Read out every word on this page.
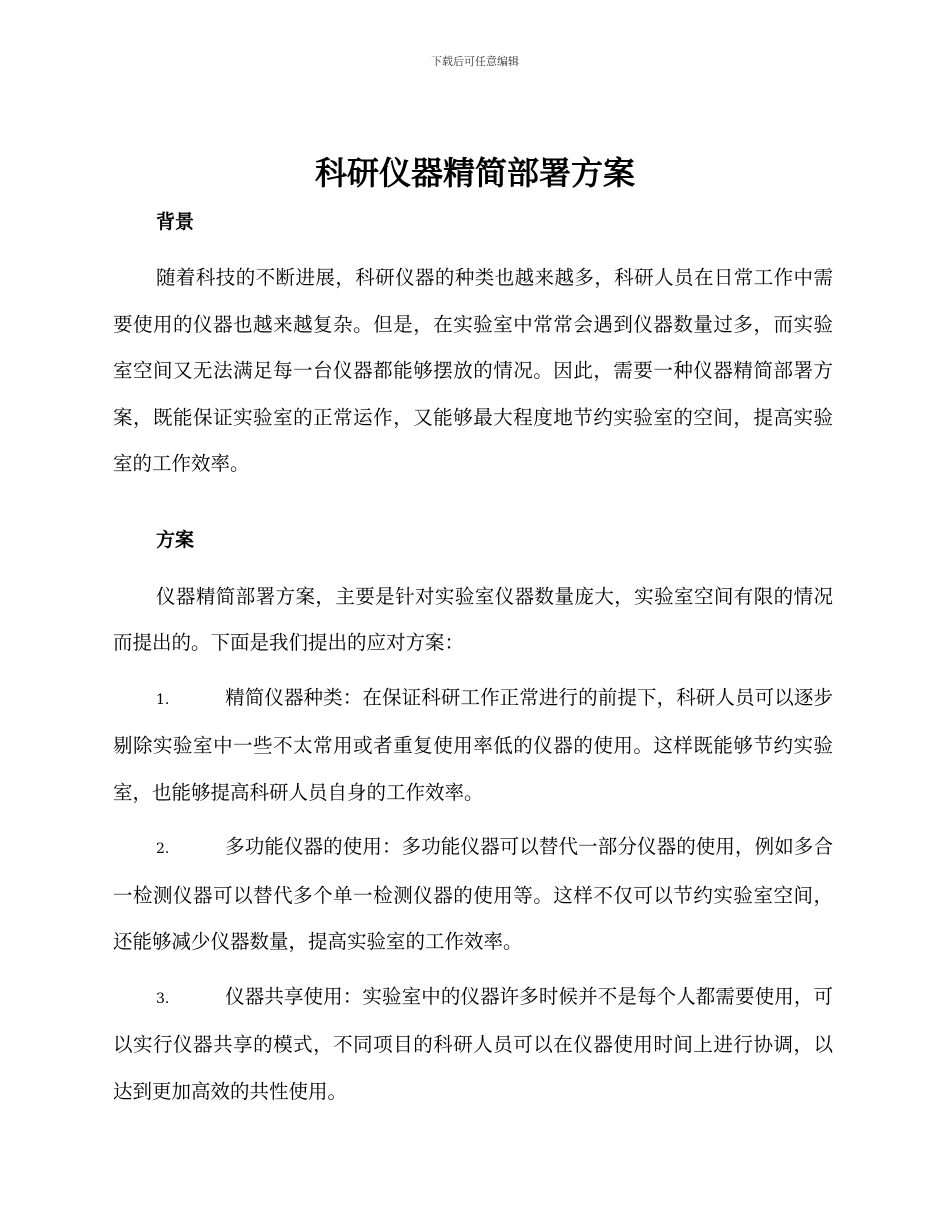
下载后可任意编辑
科研仪器精简部署方案
背景

随着科技的不断进展，科研仪器的种类也越来越多，科研人员在日常工作中需要使用的仪器也越来越复杂。但是，在实验室中常常会遇到仪器数量过多，而实验室空间又无法满足每一台仪器都能够摆放的情况。因此，需要一种仪器精简部署方案，既能保证实验室的正常运作，又能够最大程度地节约实验室的空间，提高实验室的工作效率。

方案

仪器精简部署方案，主要是针对实验室仪器数量庞大，实验室空间有限的情况而提出的。下面是我们提出的应对方案：

1.	精简仪器种类：在保证科研工作正常进行的前提下，科研人员可以逐步剔除实验室中一些不太常用或者重复使用率低的仪器的使用。这样既能够节约实验室，也能够提高科研人员自身的工作效率。

2.	多功能仪器的使用：多功能仪器可以替代一部分仪器的使用，例如多合一检测仪器可以替代多个单一检测仪器的使用等。这样不仅可以节约实验室空间，还能够减少仪器数量，提高实验室的工作效率。

3.	仪器共享使用：实验室中的仪器许多时候并不是每个人都需要使用，可以实行仪器共享的模式，不同项目的科研人员可以在仪器使用时间上进行协调，以达到更加高效的共性使用。
